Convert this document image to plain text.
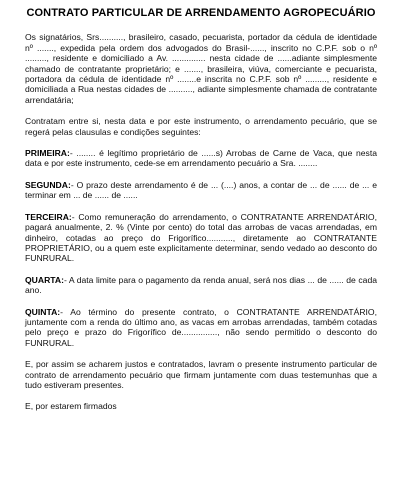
CONTRATO PARTICULAR DE ARRENDAMENTO AGROPECUÁRIO

Os signatários, Srs.........., brasileiro, casado, pecuarista, portador da cédula de identidade nº ......., expedida pela ordem dos advogados do Brasil-......, inscrito no C.P.F. sob o nº ........., residente e domiciliado a Av. .............. nesta cidade de ......adiante simplesmente chamado de contratante proprietário; e ......., brasileira, viúva, comerciante e pecuarista, portadora da cédula de identidade nº ........e inscrita no C.P.F. sob nº ........., residente e domiciliada a Rua nestas cidades de .........., adiante simplesmente chamada de contratante arrendatária;

Contratam entre si, nesta data e por este instrumento, o arrendamento pecuário, que se regerá pelas clausulas e condições seguintes:

PRIMEIRA:- ........ é legítimo proprietário de ......s) Arrobas de Carne de Vaca, que nesta data e por este instrumento, cede-se em arrendamento pecuário a Sra. ........

SEGUNDA:- O prazo deste arrendamento é de ... (....) anos, a contar de ... de ...... de ... e terminar em ... de ...... de ......

TERCEIRA:- Como remuneração do arrendamento, o CONTRATANTE ARRENDATÁRIO, pagará anualmente, 2. % (Vinte por cento) do total das arrobas de vacas arrendadas, em dinheiro, cotadas ao preço do Frigorífico..........., diretamente ao CONTRATANTE PROPRIETÁRIO, ou a quem este explicitamente determinar, sendo vedado ao desconto do FUNRURAL.

QUARTA:- A data limite para o pagamento da renda anual, será nos dias ... de ...... de cada ano.

QUINTA:- Ao término do presente contrato, o CONTRATANTE ARRENDATÁRIO, juntamente com a renda do último ano, as vacas em arrobas arrendadas, também cotadas pelo preço e prazo do Frigorífico de..............., não sendo permitido o desconto do FUNRURAL.

E, por assim se acharem justos e contratados, lavram o presente instrumento particular de contrato de arrendamento pecuário que firmam juntamente com duas testemunhas que a tudo estiveram presentes.

E, por estarem firmados
